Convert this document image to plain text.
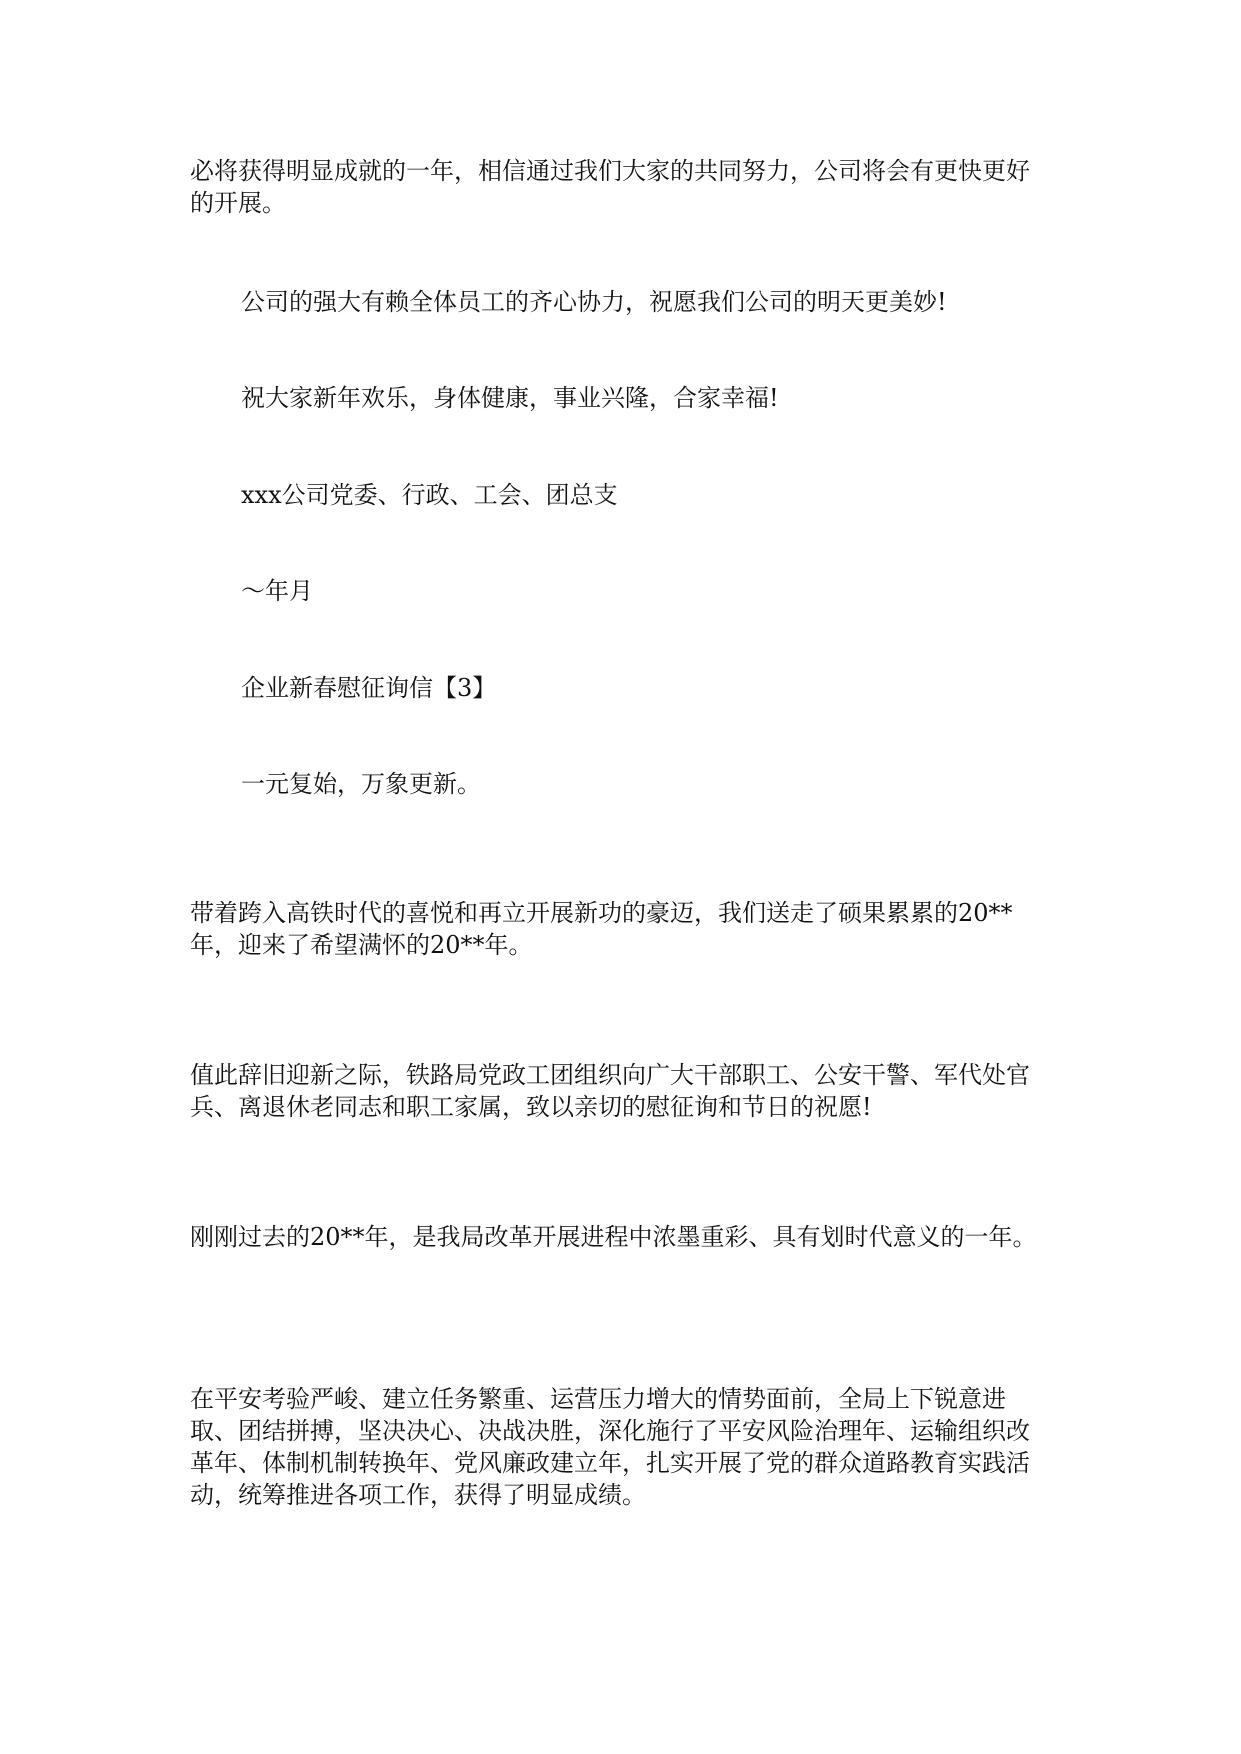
必将获得明显成就的一年，相信通过我们大家的共同努力，公司将会有更快更好的开展。

公司的强大有赖全体员工的齐心协力，祝愿我们公司的明天更美妙!

祝大家新年欢乐，身体健康，事业兴隆，合家幸福!

xxx公司党委、行政、工会、团总支

～年月

企业新春慰征询信【3】

一元复始，万象更新。

带着跨入高铁时代的喜悦和再立开展新功的豪迈，我们送走了硕果累累的20**年，迎来了希望满怀的20**年。

值此辞旧迎新之际，铁路局党政工团组织向广大干部职工、公安干警、军代处官兵、离退休老同志和职工家属，致以亲切的慰征询和节日的祝愿!

刚刚过去的20**年，是我局改革开展进程中浓墨重彩、具有划时代意义的一年。

在平安考验严峻、建立任务繁重、运营压力增大的情势面前，全局上下锐意进取、团结拼搏，坚决决心、决战决胜，深化施行了平安风险治理年、运输组织改革年、体制机制转换年、党风廉政建立年，扎实开展了党的群众道路教育实践活动，统筹推进各项工作，获得了明显成绩。
